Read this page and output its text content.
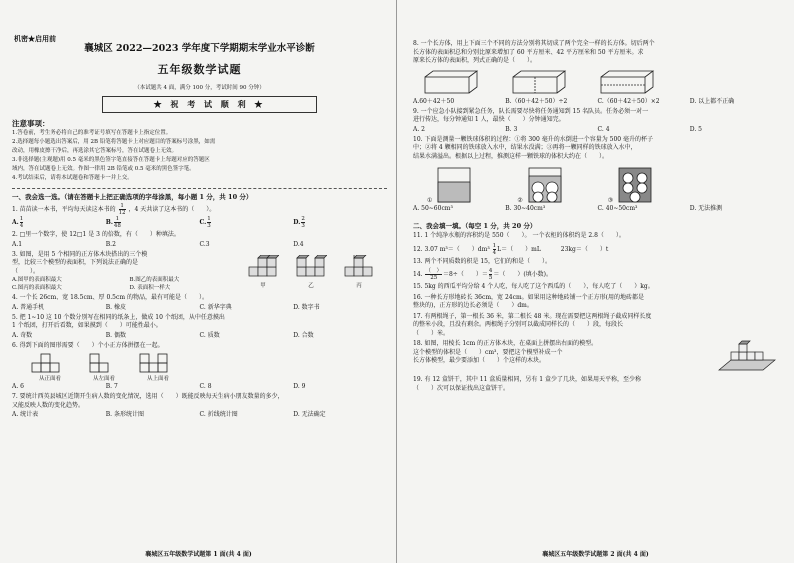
机密★启用前
襄城区 2022—2023 学年度下学期期末学业水平诊断
五年级数学试题
（本试题共 4 面，满分 100 分，考试时间 90 分钟）
★ 祝 考 试 顺 利 ★
注意事项：
1.答卷前，考生务必将自己的准考证号填写在答题卡上指定位置。
2.选择题每小题选出答案后，用 2B 铅笔将答题卡上对应题目的答案标号涂黑，如需
改动，用橡皮擦干净后，再选涂其它答案标号，答在试题卷上无效。
3.非选择题(主观题)用 0.5 毫米的黑色签字笔直接答在答题卡上每题对应的答题区
域内，答在试题卷上无效。作图一律用 2B 铅笔或 0.5 毫米的黑色签字笔。
4.考试结束后，请将本试题卷和答题卡一并上交。
一、我会选一选。（请在答题卡上把正确选项的字母涂黑，每小题 1 分，共 10 分）
1. 苗苗读一本书，平均每天读这本书的 $\frac{1}{12}$ ，4 天共读了这本书的（　　）。
$A.\frac{1}{4}$	$B.\frac{1}{48}$	$C.\frac{1}{3}$	$D.\frac{2}{3}$
2. □里一个数字，使 12□1 是 3 的倍数，有（　　）种填法。
A.1	B.2	C.3	D.4
3. 如图，是用 5 个相同的正方体木块搭出的三个模
型，比较三个模型的表面积，下列说法正确的是
（　　）。
A.图甲的表面积最大	B.图乙的表面积最大
C.图丙的表面积最大	D. 表面积一样大	甲	乙	丙
4. 一个长 26cm、宽 18.5cm、厚 0.5cm 的物品，最有可能是（　　）。
A. 普通手机	B. 橡皮	C. 新华字典	D. 数字书
5. 把 1~10 这 10 个数分别写在相同的纸条上，做成 10 个纸团，从中任意摸出
1 个纸团，打开后看数，如果摸到（　　）可能性最小。
A. 奇数	B. 偶数	C. 质数	D. 合数
6. 得到下面的图形需要（　　）个小正方体拼摆在一起。
从正面看	从左面看	从上面看
A. 6	B. 7	C. 8	D. 9
7. 要统计西英县城区近期开生病人数的变化情况，选用（　　）既能反映每天生病小朋友数量的多少，
又能反映人数的变化趋势。
A. 统计表	B. 条形统计图	C. 折线统计图	D. 无法确定
襄城区五年级数学试题第 1 面(共 4 面)
8. 一个长方体，用上下面三个不同的方法分别将其切成了两个完全一样的长方体。切后两个
长方体的表面积总和分别比原来增加了 60 平方厘米、42 平方厘米和 50 平方厘米。求
原来长方体的表面积，列式正确的是（　　）。
A.60＋42＋50	B.（60＋42＋50）÷2	C.（60＋42＋50）×2	D. 以上都不正确
9. 一个应急小队接到紧急任务，队长需要尽快将任务通知到 15 名队员。任务必须一对一
进行传达，每分钟通知 1 人，最快（　　）分钟通知完。
A. 2	B. 3	C. 4	D. 5
10. 下面是测量一颗铁球体积的过程：①将 300 毫升的水倒进一个容量为 500 毫升的杯子
中；②将 4 颗相同的铁球放入水中，结果水没满；③再将一颗同样的铁球放入水中，
结果水满溢出。根据以上过程，推测这样一颗铁球的体积大约在（　　）。
①	②	③
A. 50~60cm³	B. 30~40cm³	C. 40~50cm³	D. 无法推测
二、我会填一填。（每空 1 分，共 20 分）
11. 1 个纯净水瓶的容积约是 550（　　）。 一个衣柜的体积约是 2.8（　　）。
12. 3.07 m³＝（　　）$dm^3 \frac{1}{4} L=$（　　）mL	23kg＝（　　）t
13. 两个不同质数的积是 15，它们的和是（　　）。
14. $\frac{( )}{25} =8\div$（　　）$=\frac{4}{5}$ ＝（　　）(填小数)。
15. 5kg 的西瓜平均分给 4 个人吃，每人吃了这个西瓜的（　　），每人吃了（　　）kg。
16. 一种长方形地砖长 36cm，宽 24cm。如果用这种地砖铺一个正方形(用的地砖都是
整块的)，正方形的边长必须是（　　）dm。
17. 有两根绳子，第一根长 36 米，第二根长 48 米。现在需要把这两根绳子截成同样长度
的整米小段，且没有剩余。两根绳子分别可以截成同样长的（　　）段，每段长
（　　）米。
18. 如图，用棱长 1cm 的正方体木块，在桌面上拼摆出右面的模型。
这个模型的体积是（　　）cm³，要把这个模型补成一个
长方体模型，最少要添加（　　）个这样的木块。
19. 有 12 盒饼干，其中 11 盒质量相同，另有 1 盒少了几块，如果用天平称，至少称
（　　）次可以保证找出这盒饼干。
襄城区五年级数学试题第 2 面(共 4 面)
